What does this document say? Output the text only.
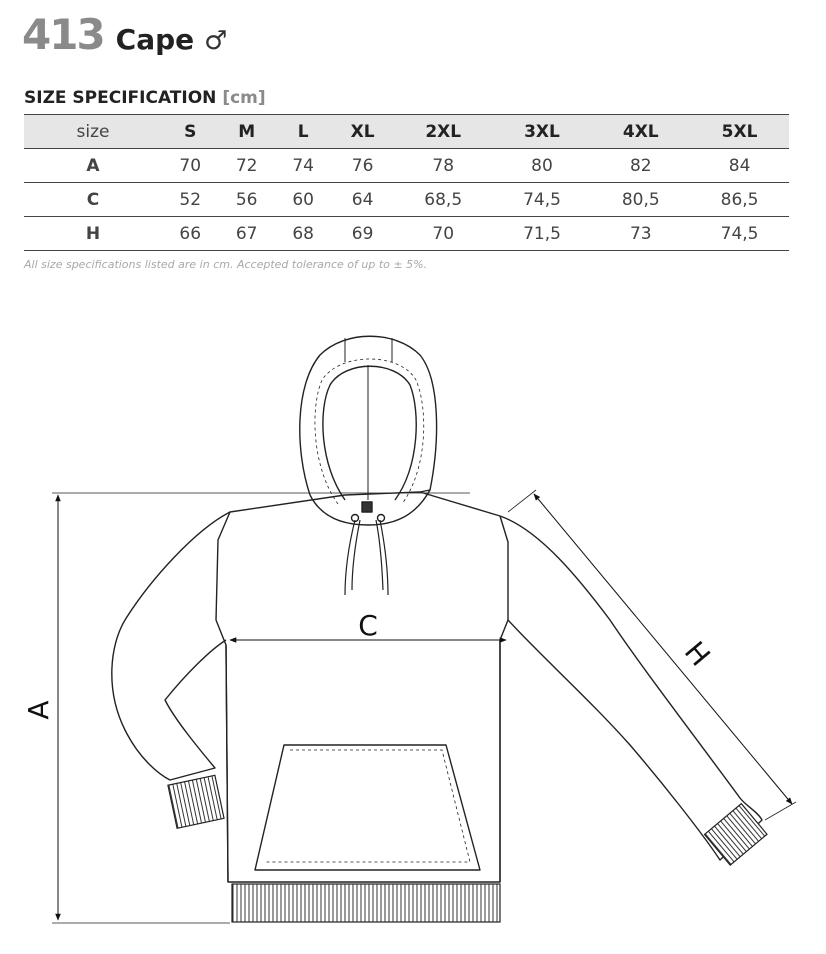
413 Cape ♂
SIZE SPECIFICATION [cm]
size	S	M	L	XL	2XL	3XL	4XL	5XL
A	70	72	74	76	78	80	82	84
C	52	56	60	64	68,5	74,5	80,5	86,5
H	66	67	68	69	70	71,5	73	74,5
All size specifications listed are in cm. Accepted tolerance of up to ± 5%.
A
C
H
